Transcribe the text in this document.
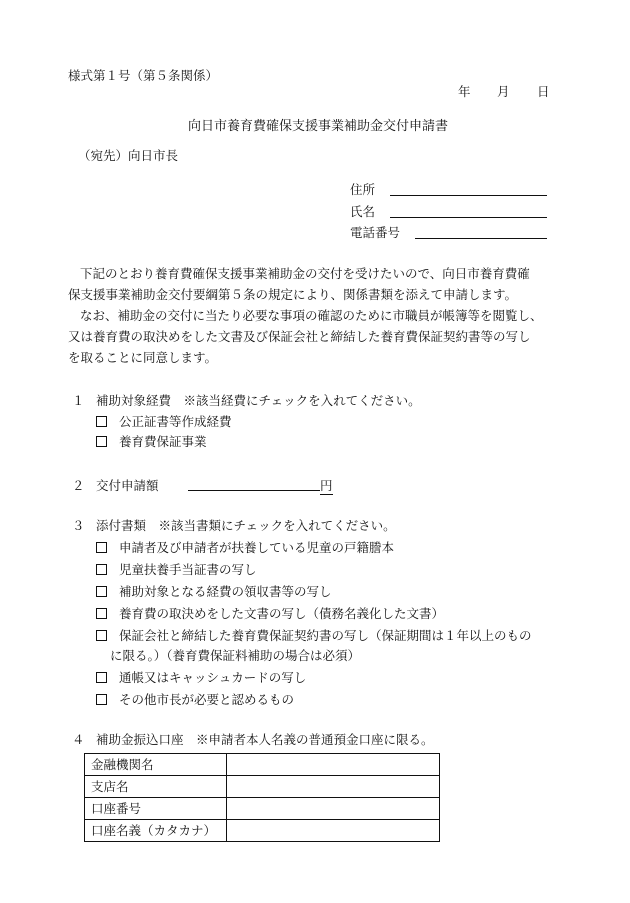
様式第１号（第５条関係）
年 月 日
向日市養育費確保支援事業補助金交付申請書
（宛先）向日市長
住所
氏名
電話番号
下記のとおり養育費確保支援事業補助金の交付を受けたいので、向日市養育費確
保支援事業補助金交付要綱第５条の規定により、関係書類を添えて申請します。
なお、補助金の交付に当たり必要な事項の確認のために市職員が帳簿等を閲覧し、
又は養育費の取決めをした文書及び保証会社と締結した養育費保証契約書等の写し
を取ることに同意します。
１ 補助対象経費　※該当経費にチェックを入れてください。
公正証書等作成経費
養育費保証事業
２ 交付申請額	円
３ 添付書類　※該当書類にチェックを入れてください。
申請者及び申請者が扶養している児童の戸籍謄本
児童扶養手当証書の写し
補助対象となる経費の領収書等の写し
養育費の取決めをした文書の写し（債務名義化した文書）
保証会社と締結した養育費保証契約書の写し（保証期間は１年以上のもの
に限る。）（養育費保証料補助の場合は必須）
通帳又はキャッシュカードの写し
その他市長が必要と認めるもの
４ 補助金振込口座　※申請者本人名義の普通預金口座に限る。
金融機関名	
支店名	
口座番号	
口座名義（カタカナ）	
